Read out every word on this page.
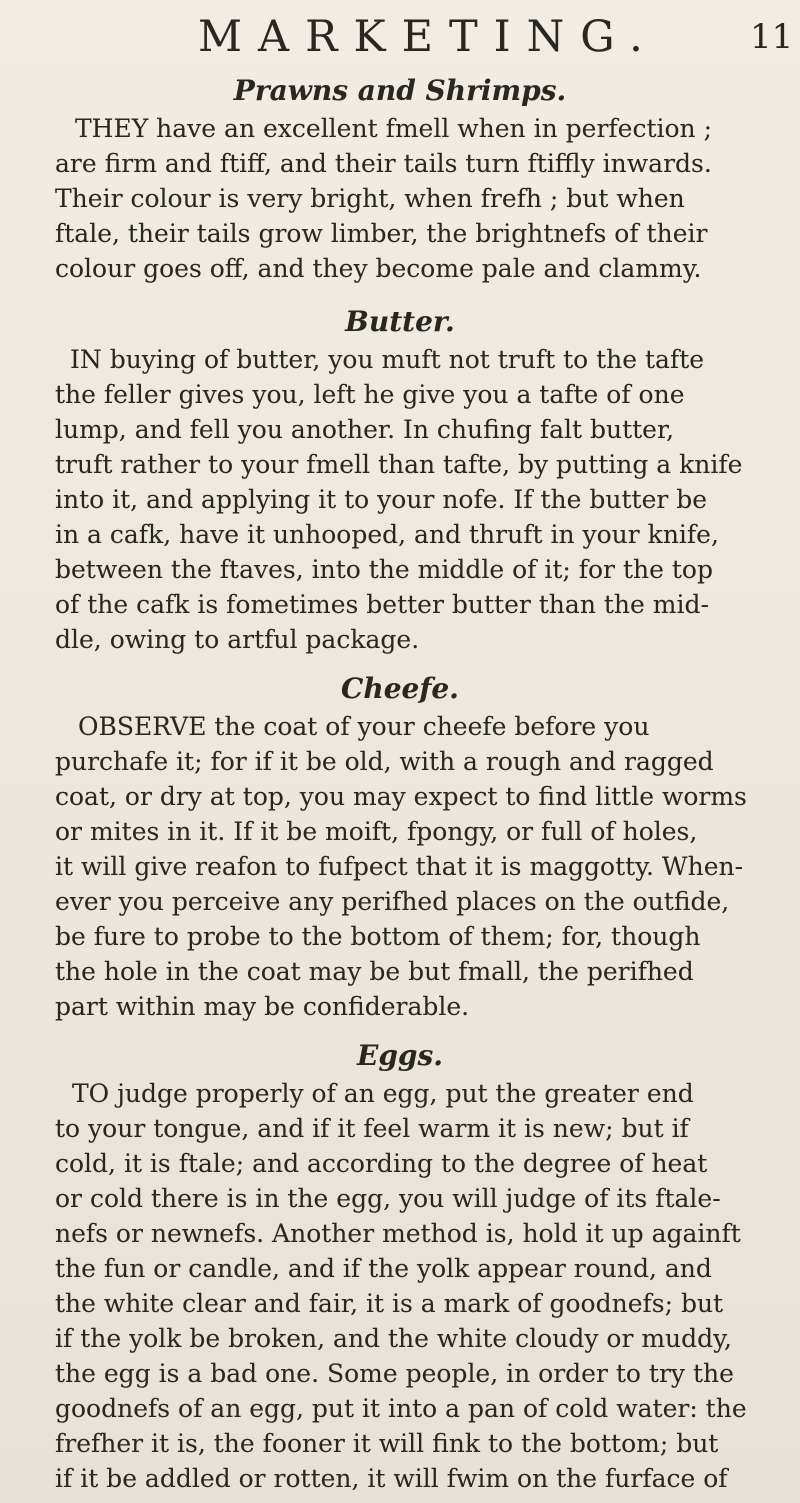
MARKETING.	11
Prawns and Shrimps.
THEY have an excellent fmell when in perfection ;
are firm and ftiff, and their tails turn ftiffly inwards.
Their colour is very bright, when frefh ; but when
ftale, their tails grow limber, the brightnefs of their
colour goes off, and they become pale and clammy.
Butter.
IN buying of butter, you muft not truft to the tafte
the feller gives you, left he give you a tafte of one
lump, and fell you another. In chufing falt butter,
truft rather to your fmell than tafte, by putting a knife
into it, and applying it to your nofe. If the butter be
in a cafk, have it unhooped, and thruft in your knife,
between the ftaves, into the middle of it; for the top
of the cafk is fometimes better butter than the mid-
dle, owing to artful package.
Cheefe.
OBSERVE the coat of your cheefe before you
purchafe it; for if it be old, with a rough and ragged
coat, or dry at top, you may expect to find little worms
or mites in it. If it be moift, fpongy, or full of holes,
it will give reafon to fufpect that it is maggotty. When-
ever you perceive any perifhed places on the outfide,
be fure to probe to the bottom of them; for, though
the hole in the coat may be but fmall, the perifhed
part within may be confiderable.
Eggs.
TO judge properly of an egg, put the greater end
to your tongue, and if it feel warm it is new; but if
cold, it is ftale; and according to the degree of heat
or cold there is in the egg, you will judge of its ftale-
nefs or newnefs. Another method is, hold it up againft
the fun or candle, and if the yolk appear round, and
the white clear and fair, it is a mark of goodnefs; but
if the yolk be broken, and the white cloudy or muddy,
the egg is a bad one. Some people, in order to try the
goodnefs of an egg, put it into a pan of cold water: the
frefher it is, the fooner it will fink to the bottom; but
if it be addled or rotten, it will fwim on the furface of
